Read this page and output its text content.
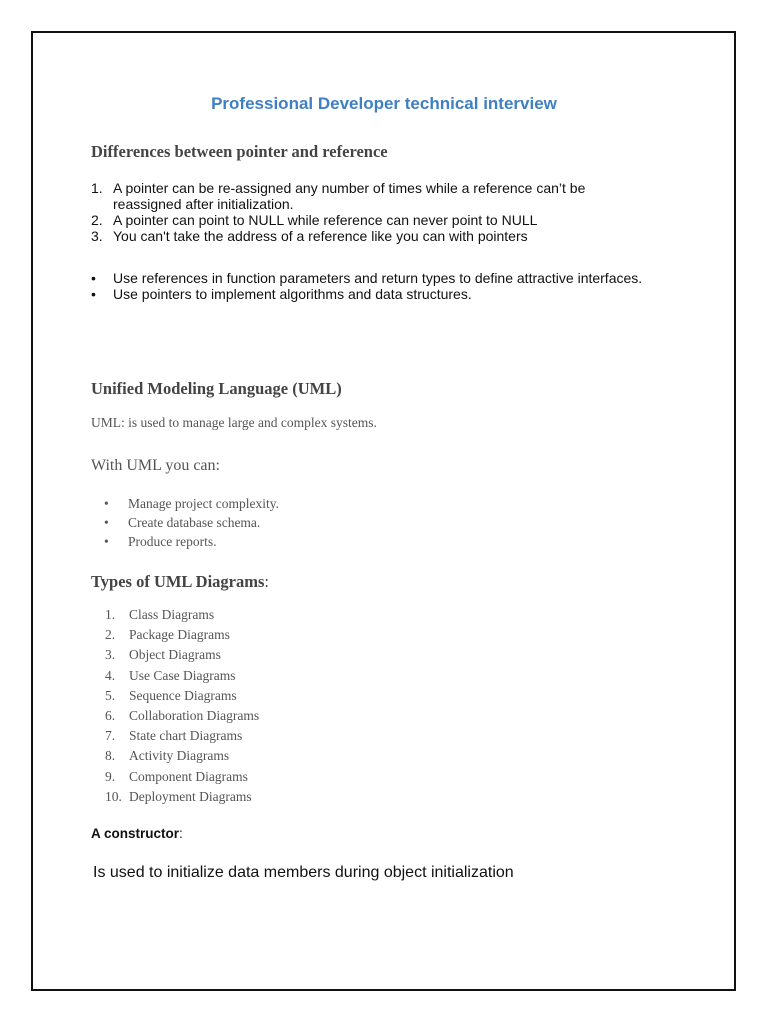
Professional Developer technical interview
Differences between pointer and reference
1. A pointer can be re-assigned any number of times while a reference can’t be reassigned after initialization.
2. A pointer can point to NULL while reference can never point to NULL
3. You can't take the address of a reference like you can with pointers
• Use references in function parameters and return types to define attractive interfaces.
• Use pointers to implement algorithms and data structures.
Unified Modeling Language (UML)

UML: is used to manage large and complex systems.

With UML you can:

• Manage project complexity.
• Create database schema.
• Produce reports.
Types of UML Diagrams:
1. Class Diagrams
2. Package Diagrams
3. Object Diagrams
4. Use Case Diagrams
5. Sequence Diagrams
6. Collaboration Diagrams
7. State chart Diagrams
8. Activity Diagrams
9. Component Diagrams
10. Deployment Diagrams

A constructor:

Is used to initialize data members during object initialization
